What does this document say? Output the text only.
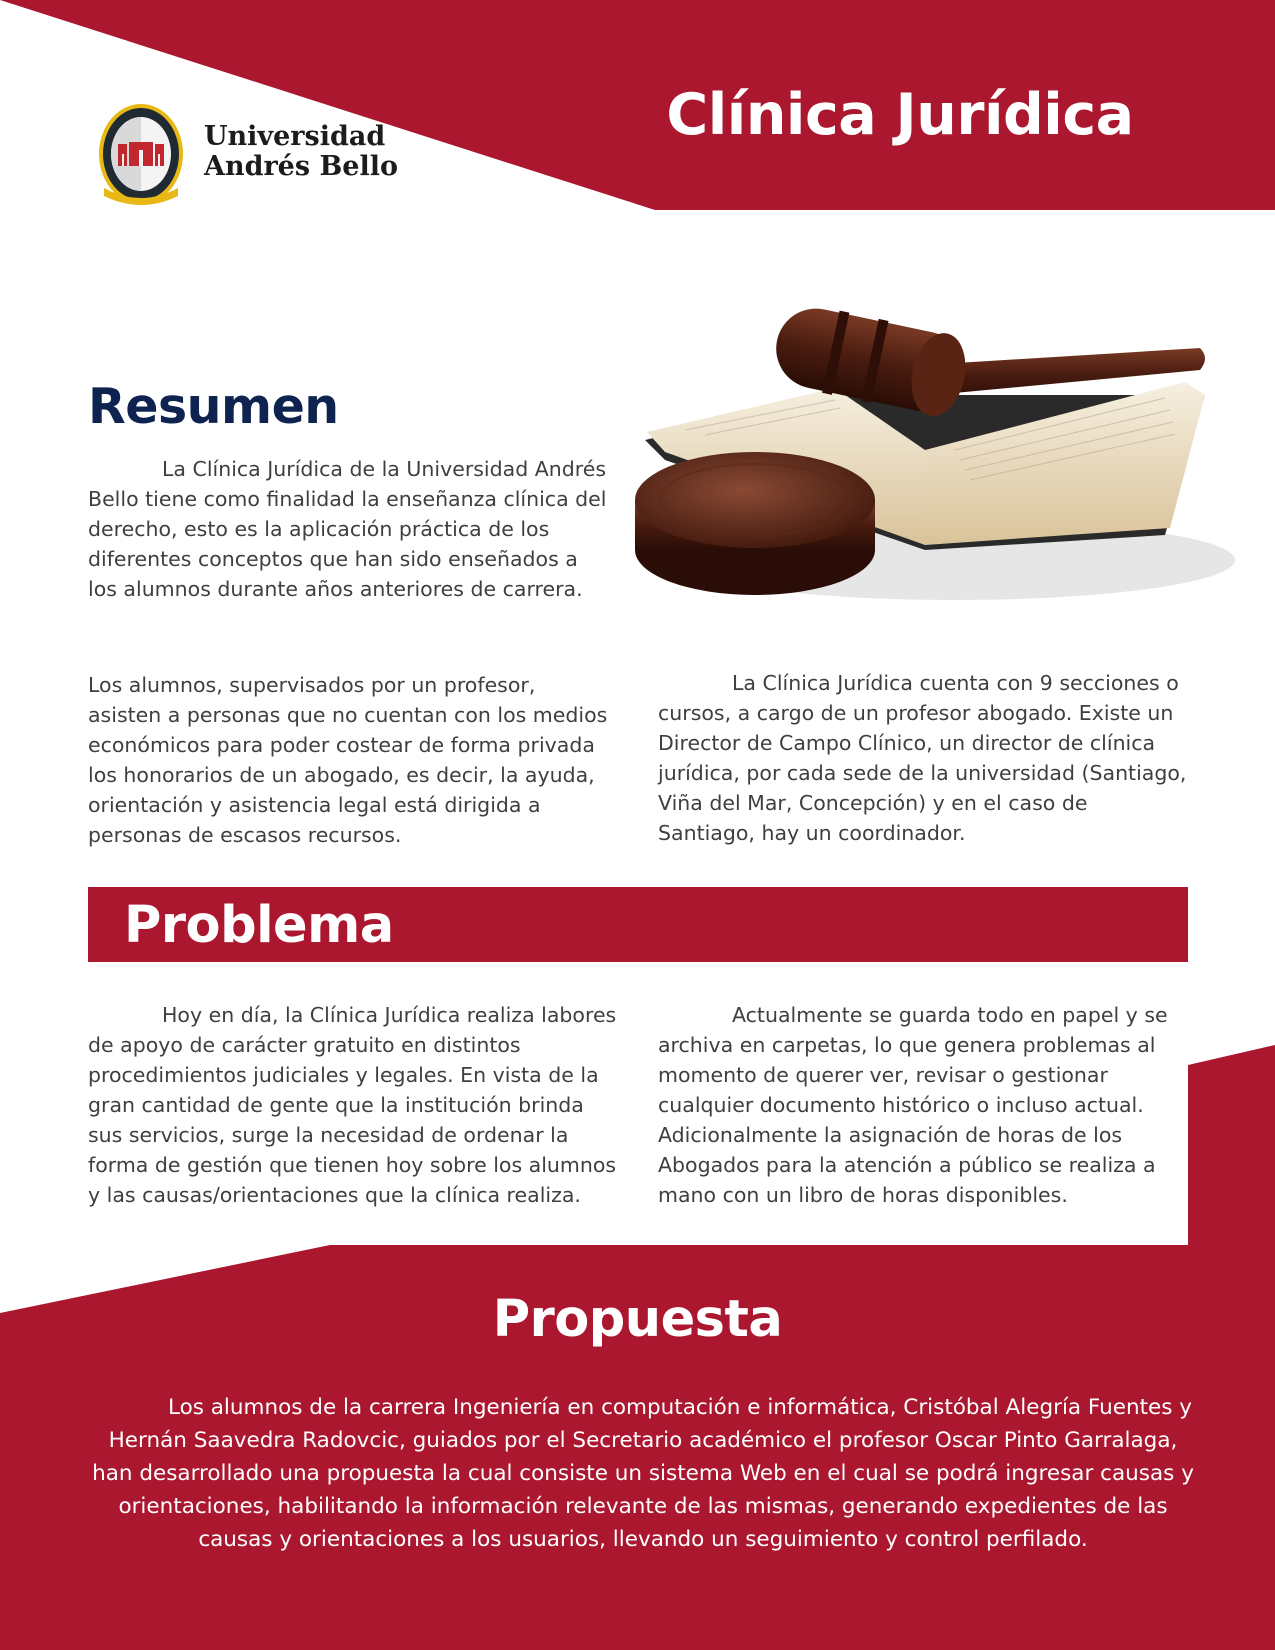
Universidad
Andrés Bello
Clínica Jurídica
Resumen

La Clínica Jurídica de la Universidad Andrés Bello tiene como finalidad la enseñanza clínica del derecho, esto es la aplicación práctica de los diferentes conceptos que han sido enseñados a los alumnos durante años anteriores de carrera.

Los alumnos, supervisados por un profesor, asisten a personas que no cuentan con los medios económicos para poder costear de forma privada los honorarios de un abogado, es decir, la ayuda, orientación y asistencia legal está dirigida a personas de escasos recursos.

La Clínica Jurídica cuenta con 9 secciones o cursos, a cargo de un profesor abogado. Existe un Director de Campo Clínico, un director de clínica jurídica, por cada sede de la universidad (Santiago, Viña del Mar, Concepción) y en el caso de Santiago, hay un coordinador.

Problema

Hoy en día, la Clínica Jurídica realiza labores de apoyo de carácter gratuito en distintos procedimientos judiciales y legales. En vista de la gran cantidad de gente que la institución brinda sus servicios, surge la necesidad de ordenar la forma de gestión que tienen hoy sobre los alumnos y las causas/orientaciones que la clínica realiza.

Actualmente se guarda todo en papel y se archiva en carpetas, lo que genera problemas al momento de querer ver, revisar o gestionar cualquier documento histórico o incluso actual. Adicionalmente la asignación de horas de los Abogados para la atención a público se realiza a mano con un libro de horas disponibles.

Propuesta

Los alumnos de la carrera Ingeniería en computación e informática, Cristóbal Alegría Fuentes y Hernán Saavedra Radovcic, guiados por el Secretario académico el profesor Oscar Pinto Garralaga, han desarrollado una propuesta la cual consiste un sistema Web en el cual se podrá ingresar causas y orientaciones, habilitando la información relevante de las mismas, generando expedientes de las causas y orientaciones a los usuarios, llevando un seguimiento y control perfilado.
